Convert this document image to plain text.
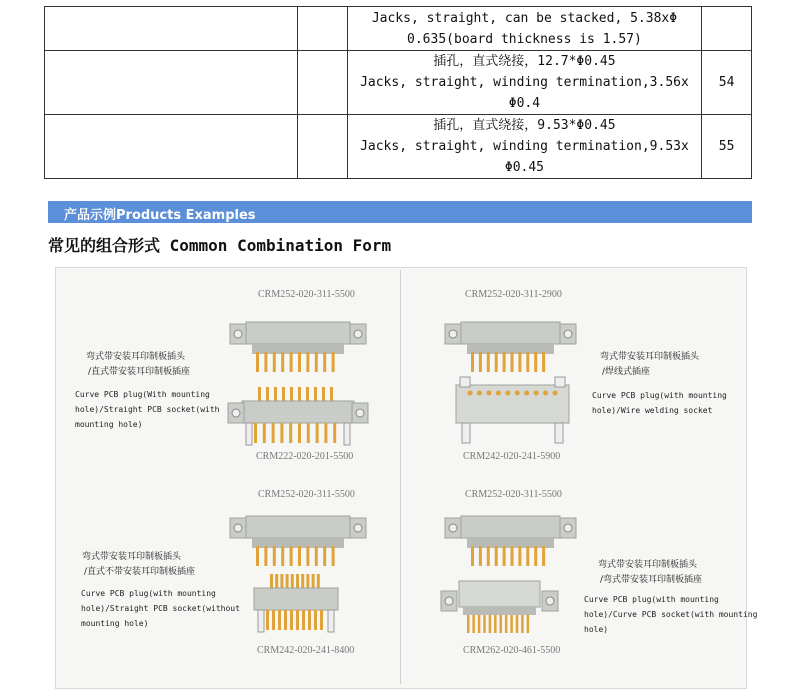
		Jacks, straight, can be stacked, 5.38xΦ
0.635(board thickness is 1.57)	

		插孔，直式绕接，12.7*Φ0.45
Jacks, straight, winding termination,3.56x
Φ0.4	54

		插孔，直式绕接，9.53*Φ0.45
Jacks, straight, winding termination,9.53x
Φ0.45	55
产品示例Products Examples
常见的组合形式 Common Combination Form
CRM252-020-311-5500
CRM222-020-201-5500
弯式带安装耳印制板插头
/直式带安装耳印制板插座
Curve PCB plug(With mounting
hole)/Straight PCB socket(with
mounting hole)
CRM252-020-311-2900
CRM242-020-241-5900
弯式带安装耳印制板插头
/焊线式插座
Curve PCB plug(with mounting
hole)/Wire welding socket
CRM252-020-311-5500
CRM242-020-241-8400
弯式带安装耳印制板插头
/直式不带安装耳印制板插座
Curve PCB plug(with mounting
hole)/Straight PCB socket(without
mounting hole)
CRM252-020-311-5500
CRM262-020-461-5500
弯式带安装耳印制板插头
/弯式带安装耳印制板插座
Curve PCB plug(with mounting
hole)/Curve PCB socket(with mounting
hole)
